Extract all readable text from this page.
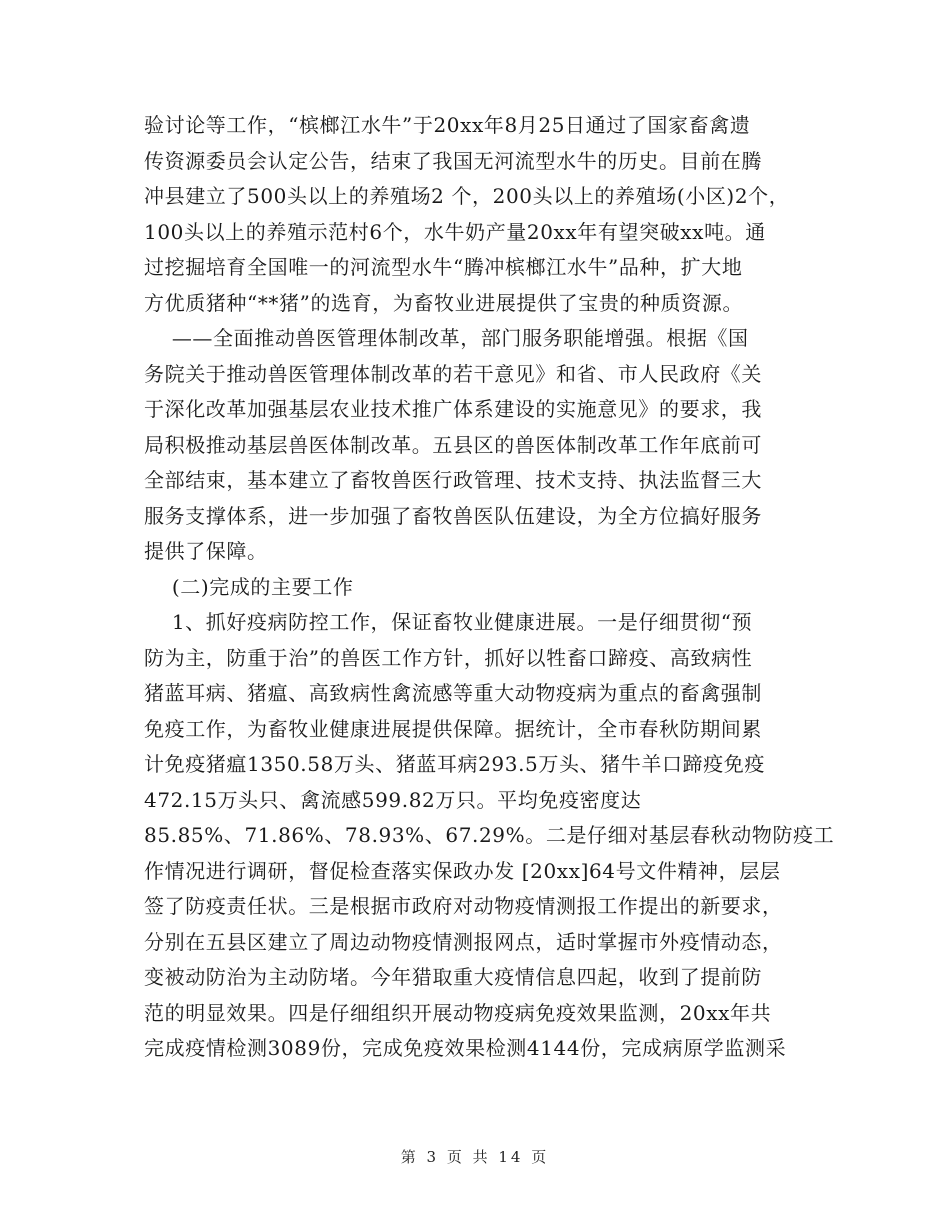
验讨论等工作，“槟榔江水牛”于20xx年8月25日通过了国家畜禽遗
传资源委员会认定公告，结束了我国无河流型水牛的历史。目前在腾
冲县建立了500头以上的养殖场2 个，200头以上的养殖场(小区)2个，
100头以上的养殖示范村6个，水牛奶产量20xx年有望突破xx吨。通
过挖掘培育全国唯一的河流型水牛“腾冲槟榔江水牛”品种，扩大地
方优质猪种“**猪”的选育，为畜牧业进展提供了宝贵的种质资源。
——全面推动兽医管理体制改革，部门服务职能增强。根据《国
务院关于推动兽医管理体制改革的若干意见》和省、市人民政府《关
于深化改革加强基层农业技术推广体系建设的实施意见》的要求，我
局积极推动基层兽医体制改革。五县区的兽医体制改革工作年底前可
全部结束，基本建立了畜牧兽医行政管理、技术支持、执法监督三大
服务支撑体系，进一步加强了畜牧兽医队伍建设，为全方位搞好服务
提供了保障。
(二)完成的主要工作
1、抓好疫病防控工作，保证畜牧业健康进展。一是仔细贯彻“预
防为主，防重于治”的兽医工作方针，抓好以牲畜口蹄疫、高致病性
猪蓝耳病、猪瘟、高致病性禽流感等重大动物疫病为重点的畜禽强制
免疫工作，为畜牧业健康进展提供保障。据统计，全市春秋防期间累
计免疫猪瘟1350.58万头、猪蓝耳病293.5万头、猪牛羊口蹄疫免疫
472.15万头只、禽流感599.82万只。平均免疫密度达
85.85%、71.86%、78.93%、67.29%。二是仔细对基层春秋动物防疫工
作情况进行调研，督促检查落实保政办发 [20xx]64号文件精神，层层
签了防疫责任状。三是根据市政府对动物疫情测报工作提出的新要求，
分别在五县区建立了周边动物疫情测报网点，适时掌握市外疫情动态，
变被动防治为主动防堵。今年猎取重大疫情信息四起，收到了提前防
范的明显效果。四是仔细组织开展动物疫病免疫效果监测，20xx年共
完成疫情检测3089份，完成免疫效果检测4144份，完成病原学监测采
第 3 页 共 14 页
